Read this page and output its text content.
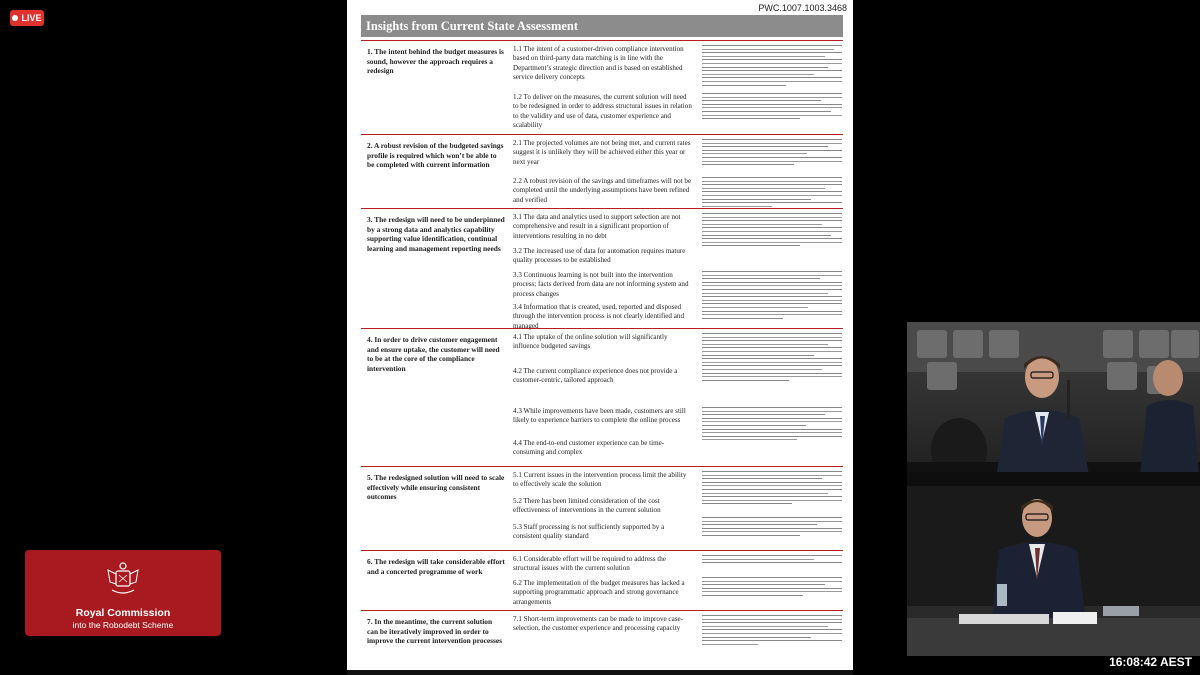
LIVE
PWC.1007.1003.3468
Insights from Current State Assessment
1. The intent behind the budget measures is sound, however the approach requires a redesign
1.1 The intent of a customer-driven compliance intervention based on third-party data matching is in line with the Department’s strategic direction and is based on established service delivery concepts
1.2 To deliver on the measures, the current solution will need to be redesigned in order to address structural issues in relation to the validity and use of data, customer experience and scalability
2. A robust revision of the budgeted savings profile is required which won’t be able to be completed with current information
2.1 The projected volumes are not being met, and current rates suggest it is unlikely they will be achieved either this year or next year
2.2 A robust revision of the savings and timeframes will not be completed until the underlying assumptions have been refined and verified
3. The redesign will need to be underpinned by a strong data and analytics capability supporting value identification, continual learning and management reporting needs
3.1 The data and analytics used to support selection are not comprehensive and result in a significant proportion of interventions resulting in no debt
3.2 The increased use of data for automation requires mature quality processes to be established
3.3 Continuous learning is not built into the intervention process; facts derived from data are not informing system and process changes
3.4 Information that is created, used, reported and disposed through the intervention process is not clearly identified and managed
4. In order to drive customer engagement and ensure uptake, the customer will need to be at the core of the compliance intervention
4.1 The uptake of the online solution will significantly influence budgeted savings
4.2 The current compliance experience does not provide a customer-centric, tailored approach
4.3 While improvements have been made, customers are still likely to experience barriers to complete the online process
4.4 The end-to-end customer experience can be time-consuming and complex
5. The redesigned solution will need to scale effectively while ensuring consistent outcomes
5.1 Current issues in the intervention process limit the ability to effectively scale the solution
5.2 There has been limited consideration of the cost effectiveness of interventions in the current solution
5.3 Staff processing is not sufficiently supported by a consistent quality standard
6. The redesign will take considerable effort and a concerted programme of work
6.1 Considerable effort will be required to address the structural issues with the current solution
6.2 The implementation of the budget measures has lacked a supporting programmatic approach and strong governance arrangements
7. In the meantime, the current solution can be iteratively improved in order to improve the current intervention processes
7.1 Short-term improvements can be made to improve case-selection, the customer experience and processing capacity
Royal Commission
into the Robodebt Scheme
16:08:42 AEST
